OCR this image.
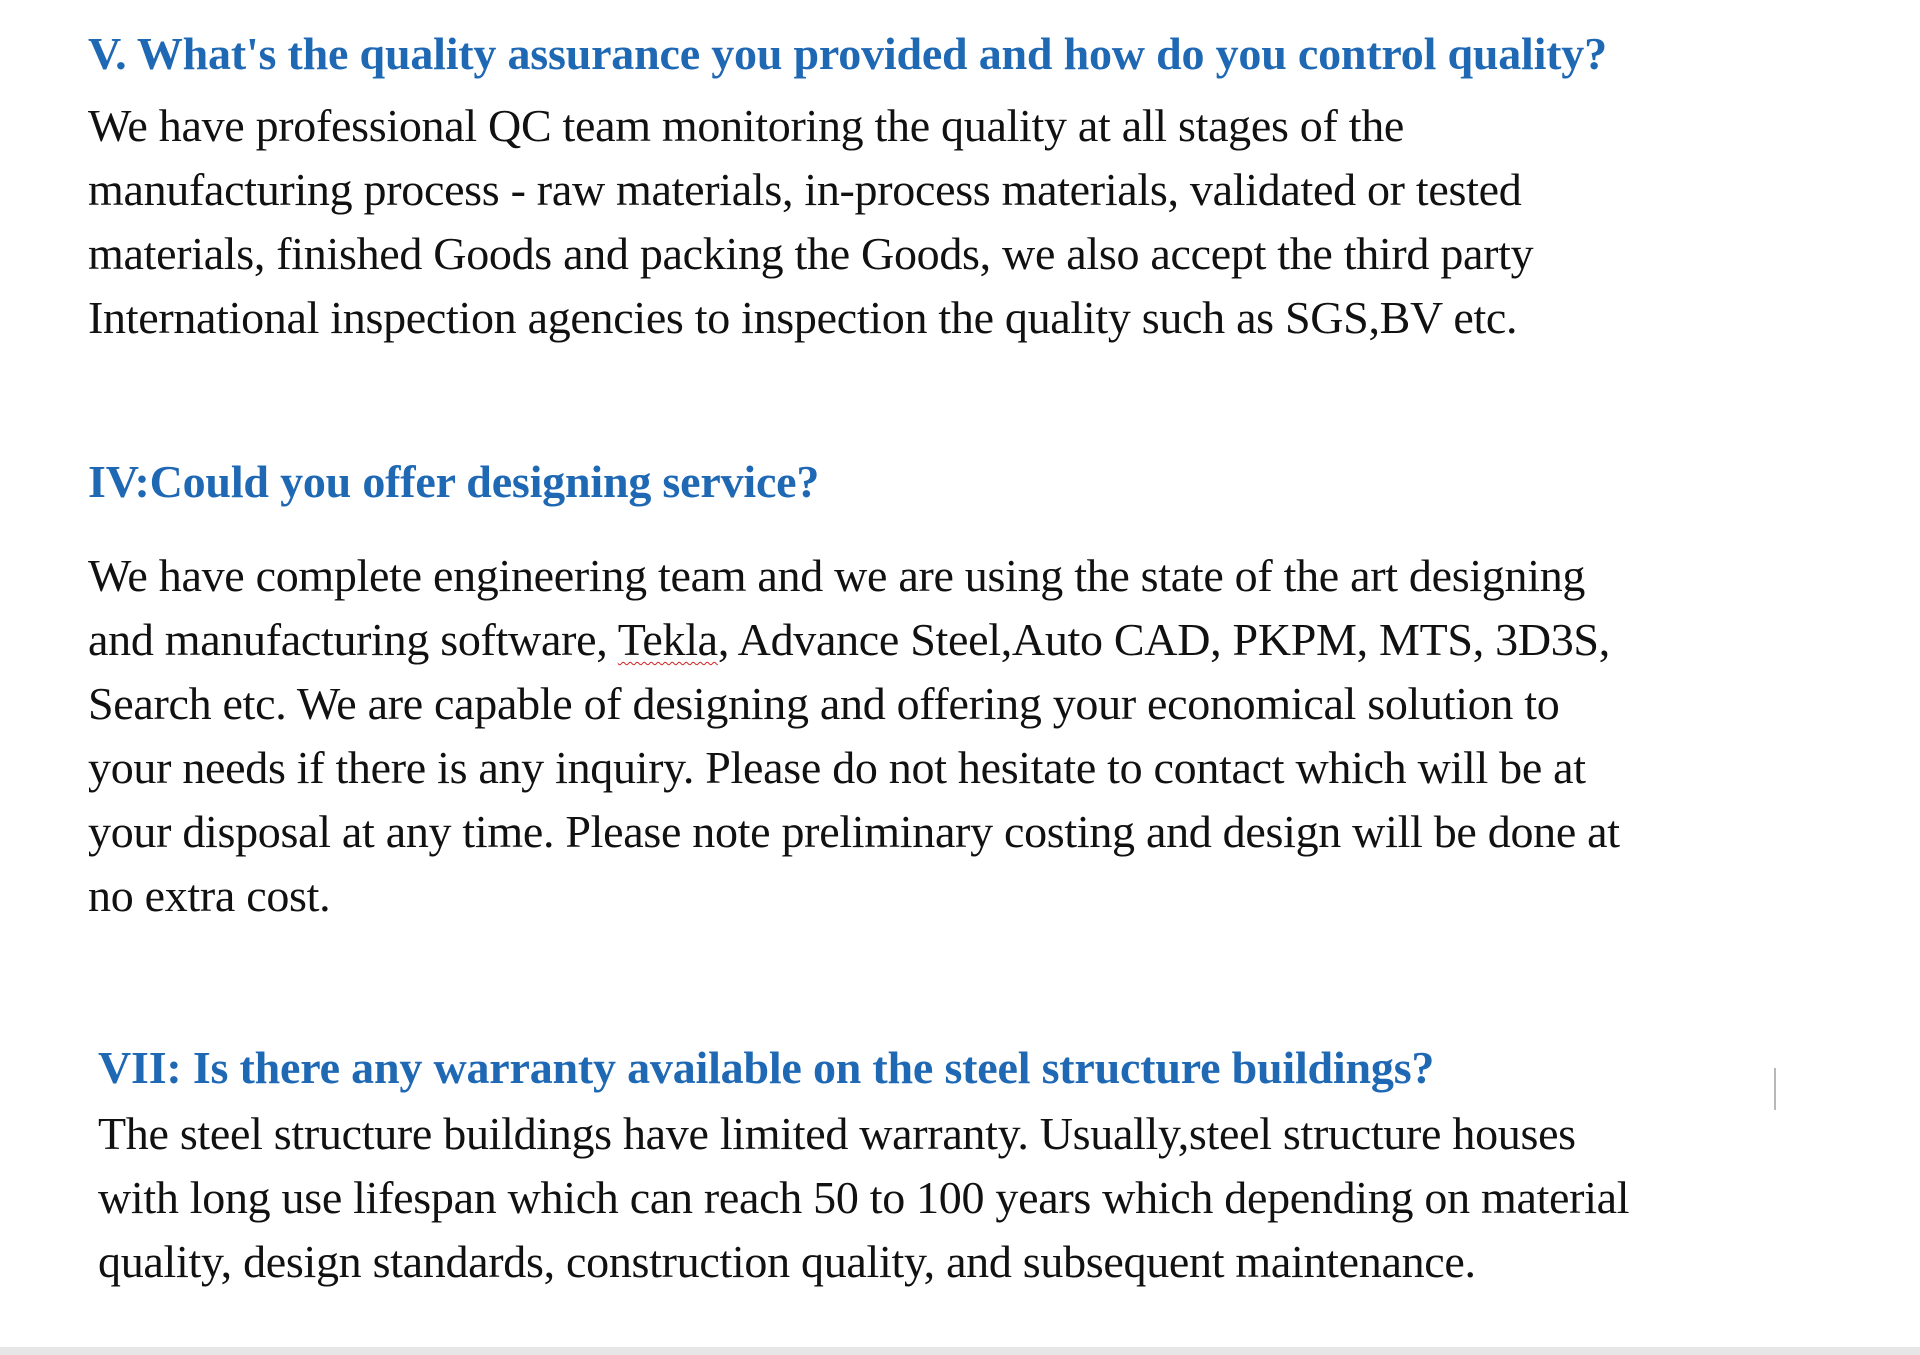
V. What's the quality assurance you provided and how do you control quality?

We have professional QC team monitoring the quality at all stages of the

manufacturing process - raw materials, in-process materials, validated or tested

materials, finished Goods and packing the Goods, we also accept the third party

International inspection agencies to inspection the quality such as SGS,BV etc.

IV:Could you offer designing service?

We have complete engineering team and we are using the state of the art designing

and manufacturing software, Tekla, Advance Steel,Auto CAD, PKPM, MTS, 3D3S,

Search etc. We are capable of designing and offering your economical solution to

your needs if there is any inquiry. Please do not hesitate to contact which will be at

your disposal at any time. Please note preliminary costing and design will be done at

no extra cost.

VII: Is there any warranty available on the steel structure buildings?

The steel structure buildings have limited warranty. Usually,steel structure houses

with long use lifespan which can reach 50 to 100 years which depending on material

quality, design standards, construction quality, and subsequent maintenance.
